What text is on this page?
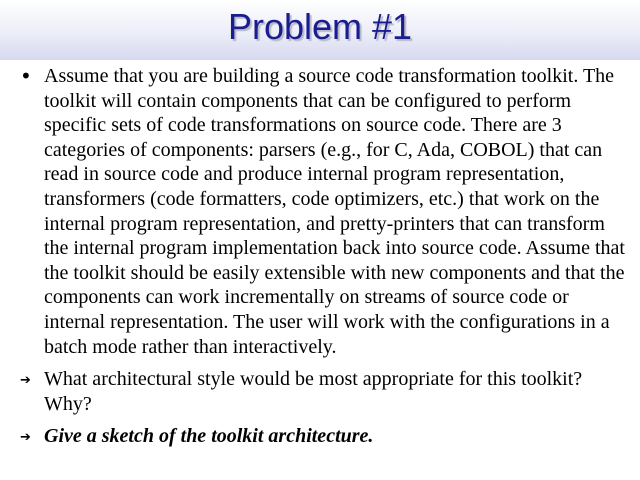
Problem #1
• Assume that you are building a source code transformation toolkit. The toolkit will contain components that can be configured to perform specific sets of code transformations on source code. There are 3 categories of components: parsers (e.g., for C, Ada, COBOL) that can read in source code and produce internal program representation, transformers (code formatters, code optimizers, etc.) that work on the internal program representation, and pretty-printers that can transform the internal program implementation back into source code. Assume that the toolkit should be easily extensible with new components and that the components can work incrementally on streams of source code or internal representation. The user will work with the configurations in a batch mode rather than interactively.
➔ What architectural style would be most appropriate for this toolkit? Why?
➔ Give a sketch of the toolkit architecture.
